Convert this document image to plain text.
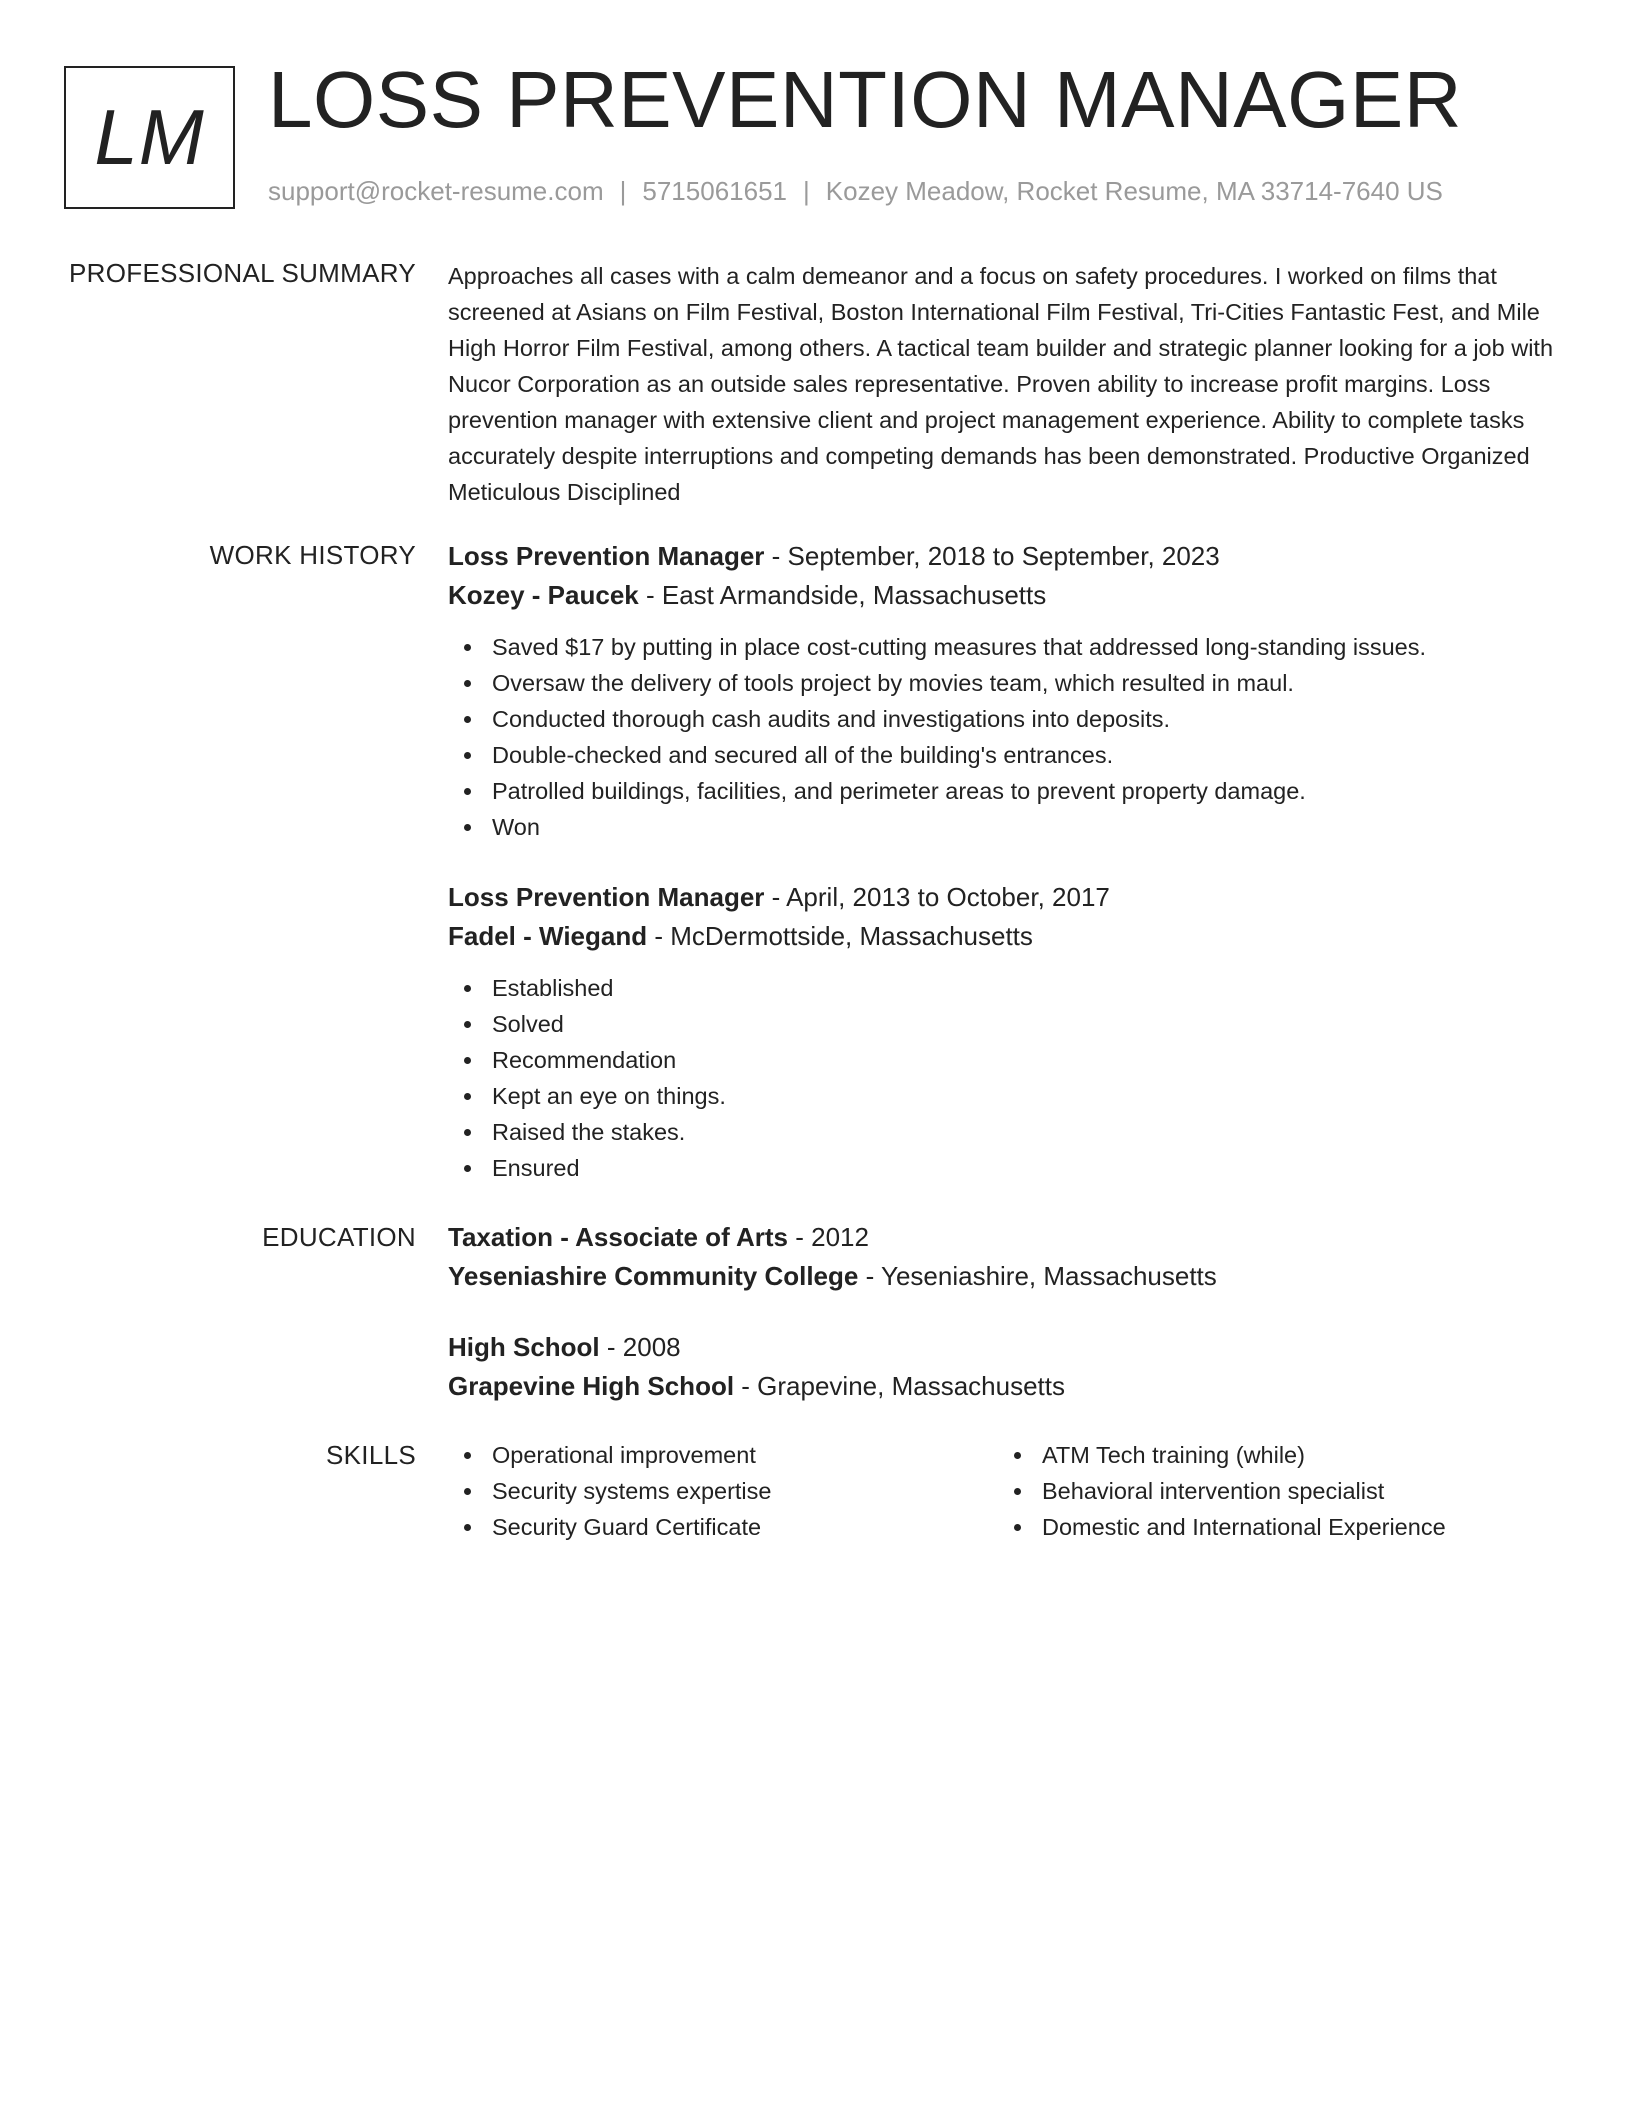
LM LOSS PREVENTION MANAGER
support@rocket-resume.com | 5715061651 | Kozey Meadow, Rocket Resume, MA 33714-7640 US
PROFESSIONAL SUMMARY Approaches all cases with a calm demeanor and a focus on safety procedures. I worked on films that screened at Asians on Film Festival, Boston International Film Festival, Tri-Cities Fantastic Fest, and Mile High Horror Film Festival, among others. A tactical team builder and strategic planner looking for a job with Nucor Corporation as an outside sales representative. Proven ability to increase profit margins. Loss prevention manager with extensive client and project management experience. Ability to complete tasks accurately despite interruptions and competing demands has been demonstrated. Productive Organized Meticulous Disciplined
WORK HISTORY Loss Prevention Manager - September, 2018 to September, 2023
Kozey - Paucek - East Armandside, Massachusetts
Saved $17 by putting in place cost-cutting measures that addressed long-standing issues.
Oversaw the delivery of tools project by movies team, which resulted in maul.
Conducted thorough cash audits and investigations into deposits.
Double-checked and secured all of the building's entrances.
Patrolled buildings, facilities, and perimeter areas to prevent property damage.
Won
Loss Prevention Manager - April, 2013 to October, 2017
Fadel - Wiegand - McDermottside, Massachusetts
Established
Solved
Recommendation
Kept an eye on things.
Raised the stakes.
Ensured
EDUCATION Taxation - Associate of Arts - 2012
Yeseniashire Community College - Yeseniashire, Massachusetts
High School - 2008
Grapevine High School - Grapevine, Massachusetts
SKILLS	Operational improvement
Security systems expertise
Security Guard Certificate
ATM Tech training (while)
Behavioral intervention specialist
Domestic and International Experience
